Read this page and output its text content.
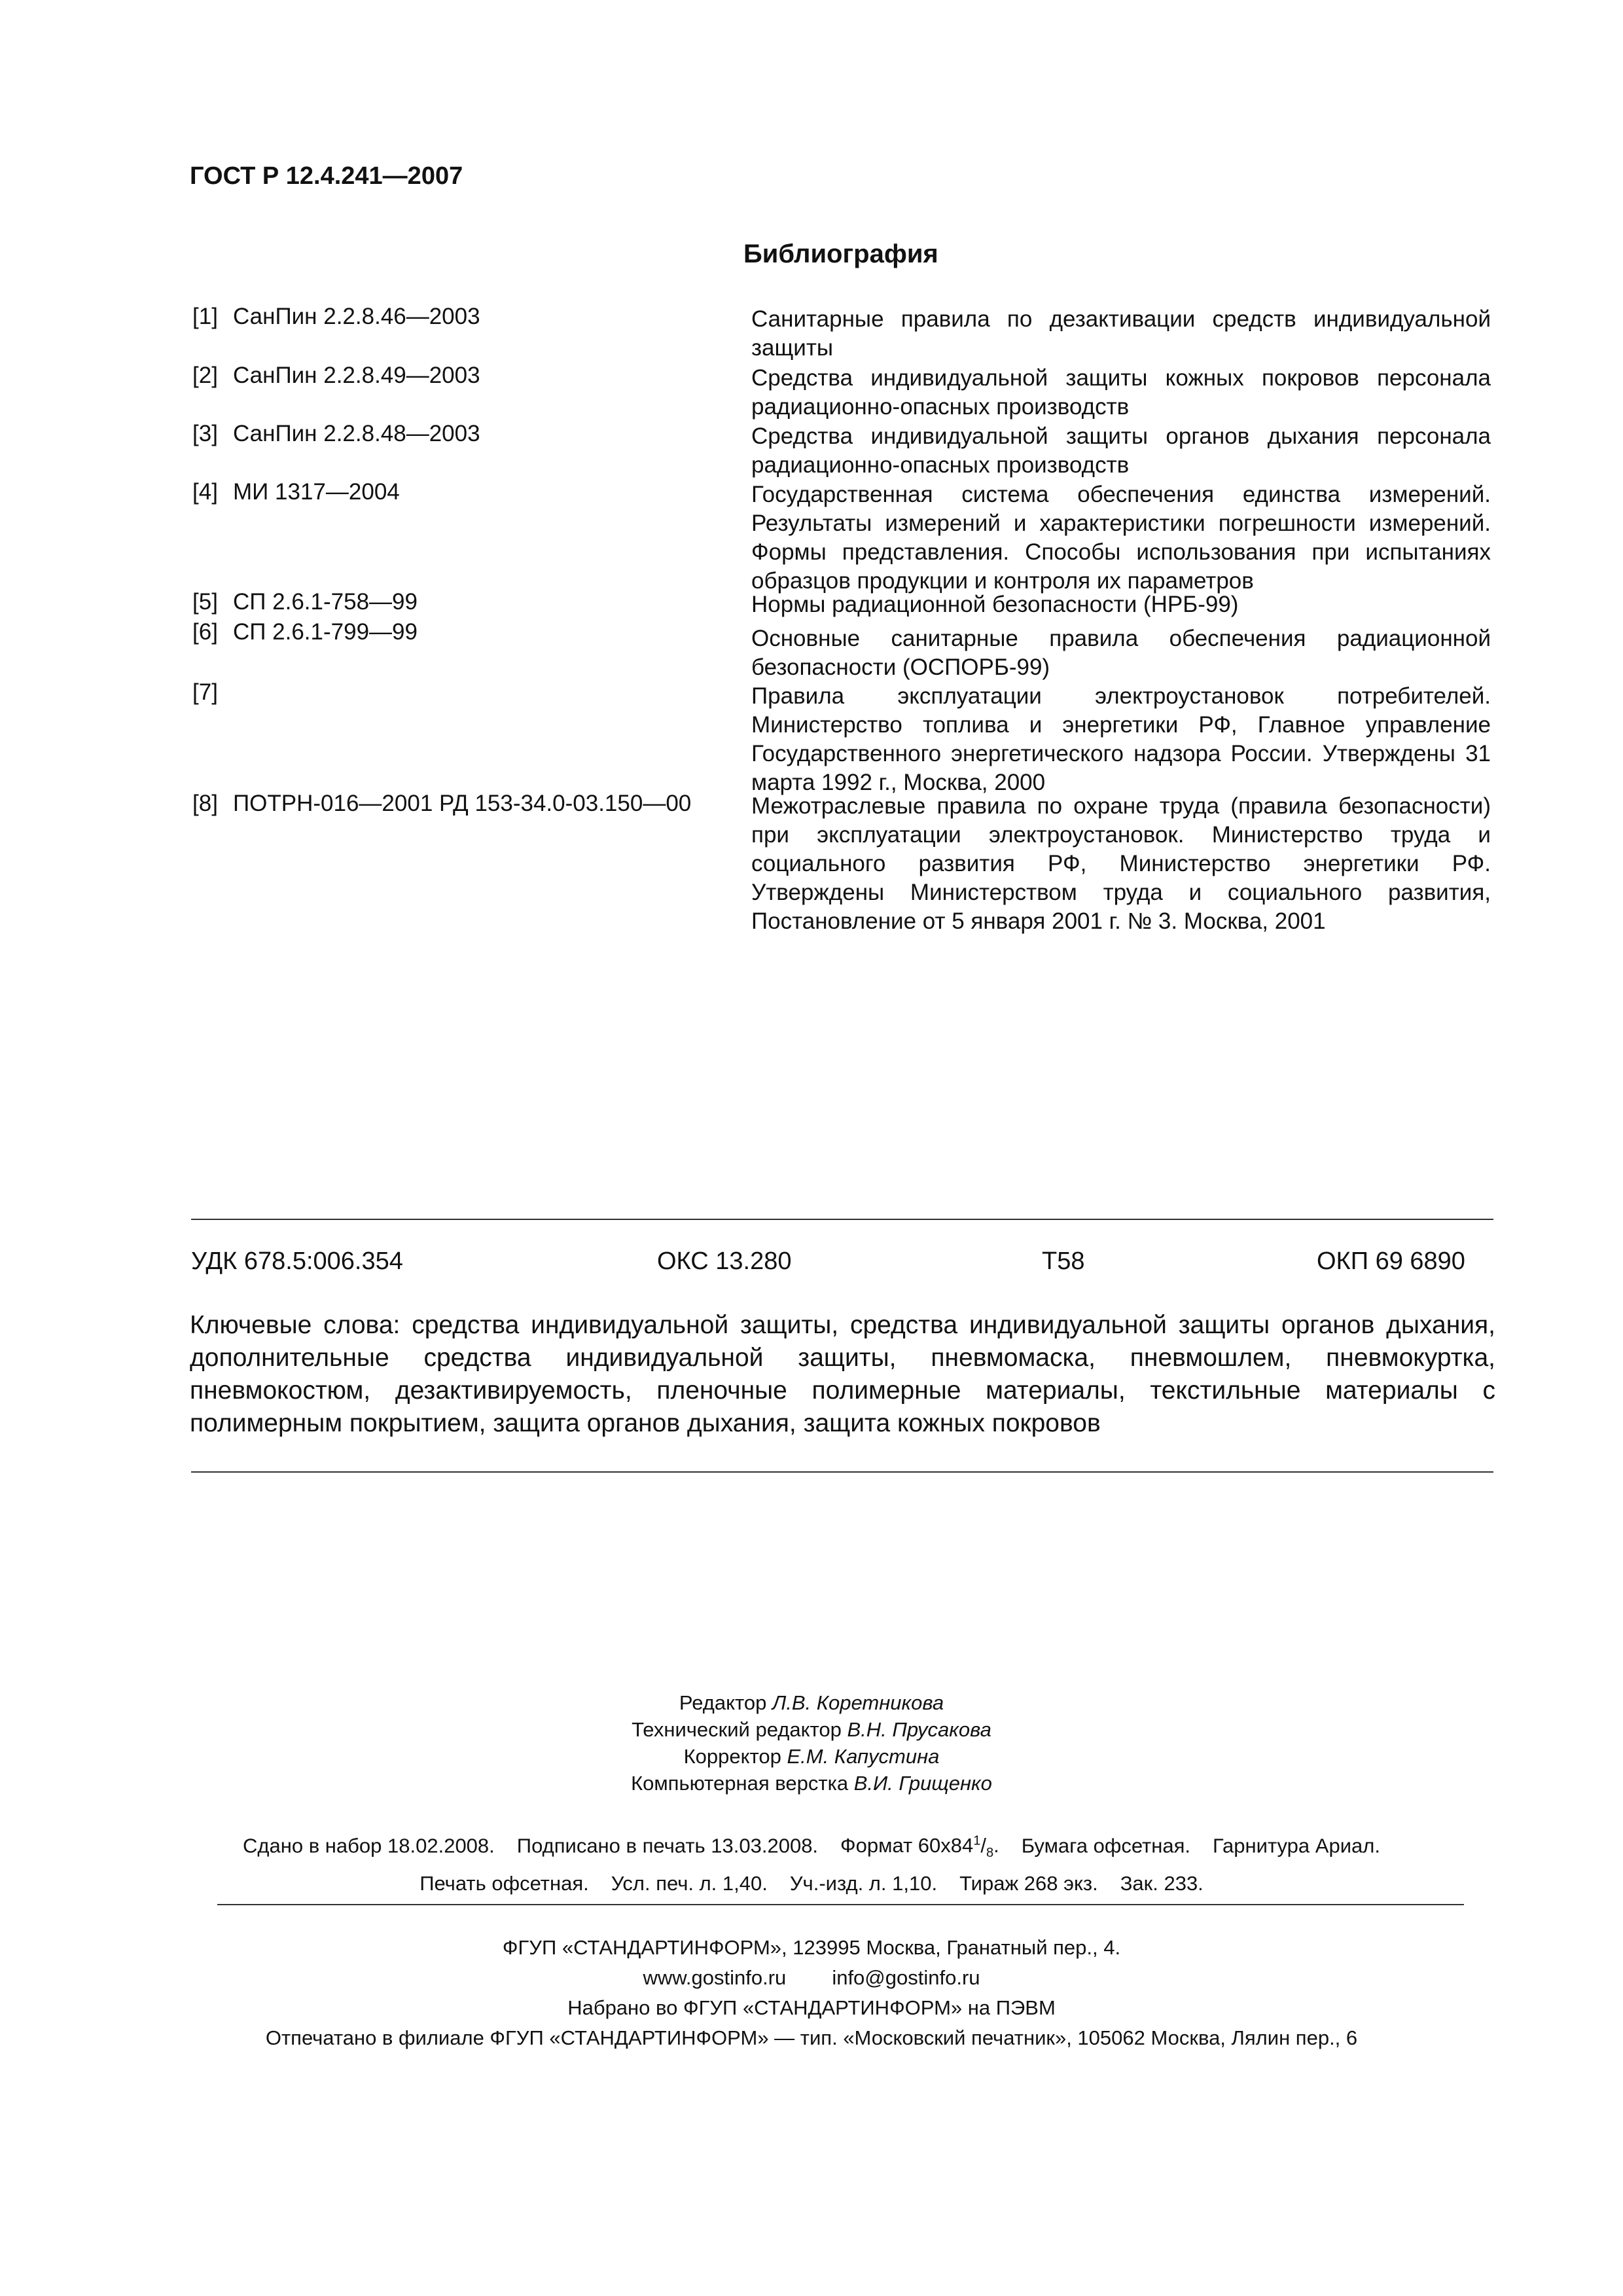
ГОСТ Р 12.4.241—2007
Библиография
[1] СанПин 2.2.8.46—2003	Санитарные правила по дезактивации средств индивидуальной защиты
[2] СанПин 2.2.8.49—2003	Средства индивидуальной защиты кожных покровов персонала радиационно-опасных производств
[3] СанПин 2.2.8.48—2003	Средства индивидуальной защиты органов дыхания персонала радиационно-опасных производств
[4] МИ 1317—2004	Государственная система обеспечения единства измерений. Результаты измерений и характеристики погрешности измерений. Формы представления. Способы использования при испытаниях образцов продукции и контроля их параметров
[5] СП 2.6.1-758—99	Нормы радиационной безопасности (НРБ-99)
[6] СП 2.6.1-799—99	Основные санитарные правила обеспечения радиационной безопасности (ОСПОРБ-99)
[7]	Правила эксплуатации электроустановок потребителей. Министерство топлива и энергетики РФ, Главное управление Государственного энергетического надзора России. Утверждены 31 марта 1992 г., Москва, 2000
[8] ПОТРН-016—2001 РД 153-34.0-03.150—00	Межотраслевые правила по охране труда (правила безопасности) при эксплуатации электроустановок. Министерство труда и социального развития РФ, Министерство энергетики РФ. Утверждены Министерством труда и социального развития, Постановление от 5 января 2001 г. № 3. Москва, 2001
УДК 678.5:006.354	ОКС 13.280	Т58	ОКП 69 6890
Ключевые слова: средства индивидуальной защиты, средства индивидуальной защиты органов дыхания, дополнительные средства индивидуальной защиты, пневмомаска, пневмошлем, пневмокуртка, пневмокостюм, дезактивируемость, пленочные полимерные материалы, текстильные материалы с полимерным покрытием, защита органов дыхания, защита кожных покровов
Редактор Л.В. Коретникова
Технический редактор В.Н. Прусакова
Корректор Е.М. Капустина
Компьютерная верстка В.И. Грищенко
Сдано в набор 18.02.2008. Подписано в печать 13.03.2008. Формат $60х84^1/_8$. Бумага офсетная. Гарнитура Ариал.
Печать офсетная. Усл. печ. л. 1,40. Уч.-изд. л. 1,10. Тираж 268 экз. Зак. 233.
ФГУП «СТАНДАРТИНФОРМ», 123995 Москва, Гранатный пер., 4.
www.gostinfo.ru info@gostinfo.ru
Набрано во ФГУП «СТАНДАРТИНФОРМ» на ПЭВМ
Отпечатано в филиале ФГУП «СТАНДАРТИНФОРМ» — тип. «Московский печатник», 105062 Москва, Лялин пер., 6
